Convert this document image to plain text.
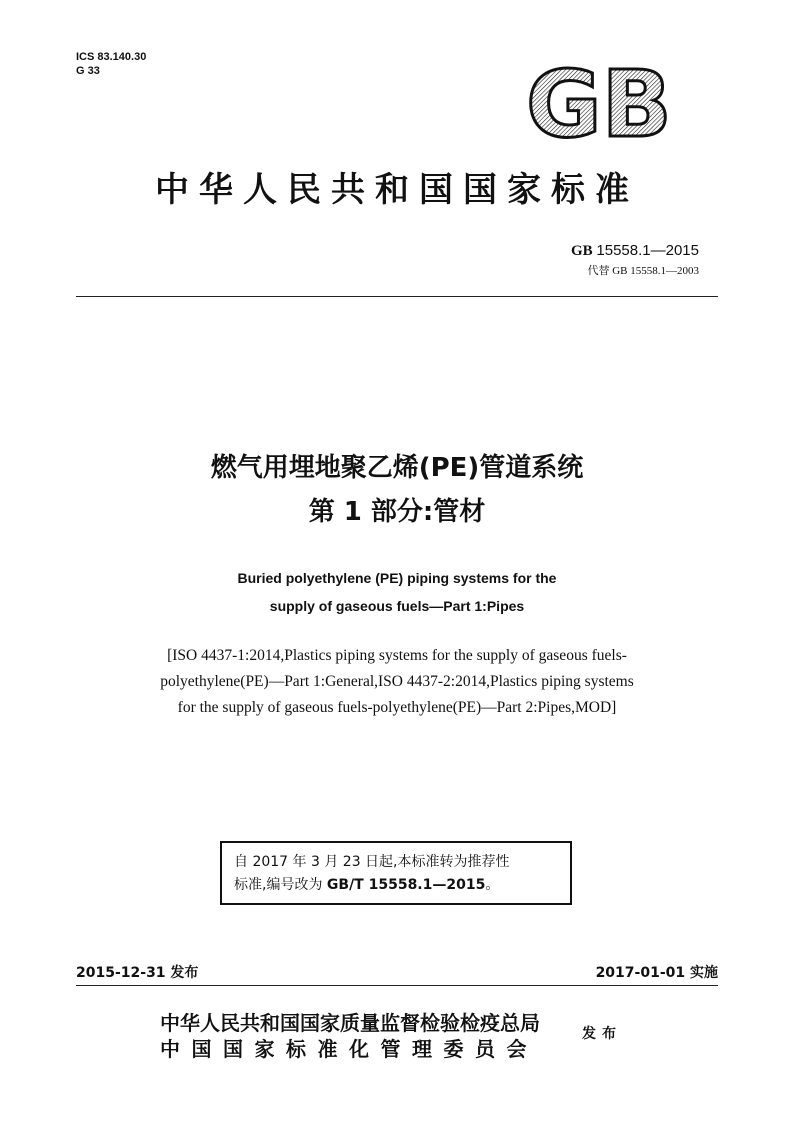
ICS 83.140.30
G 33	GB
中华人民共和国国家标准
GB 15558.1—2015
代替 GB 15558.1—2003
燃气用埋地聚乙烯(PE)管道系统
第 1 部分:管材
Buried polyethylene (PE) piping systems for the
supply of gaseous fuels—Part 1:Pipes
[ISO 4437-1:2014,Plastics piping systems for the supply of gaseous fuels-
polyethylene(PE)—Part 1:General,ISO 4437-2:2014,Plastics piping systems
for the supply of gaseous fuels-polyethylene(PE)—Part 2:Pipes,MOD]
自 2017 年 3 月 23 日起,本标准转为推荐性
标准,编号改为 GB/T 15558.1—2015。
2015-12-31 发布	2017-01-01 实施
中华人民共和国国家质量监督检验检疫总局
中国国家标准化管理委员会
发布
